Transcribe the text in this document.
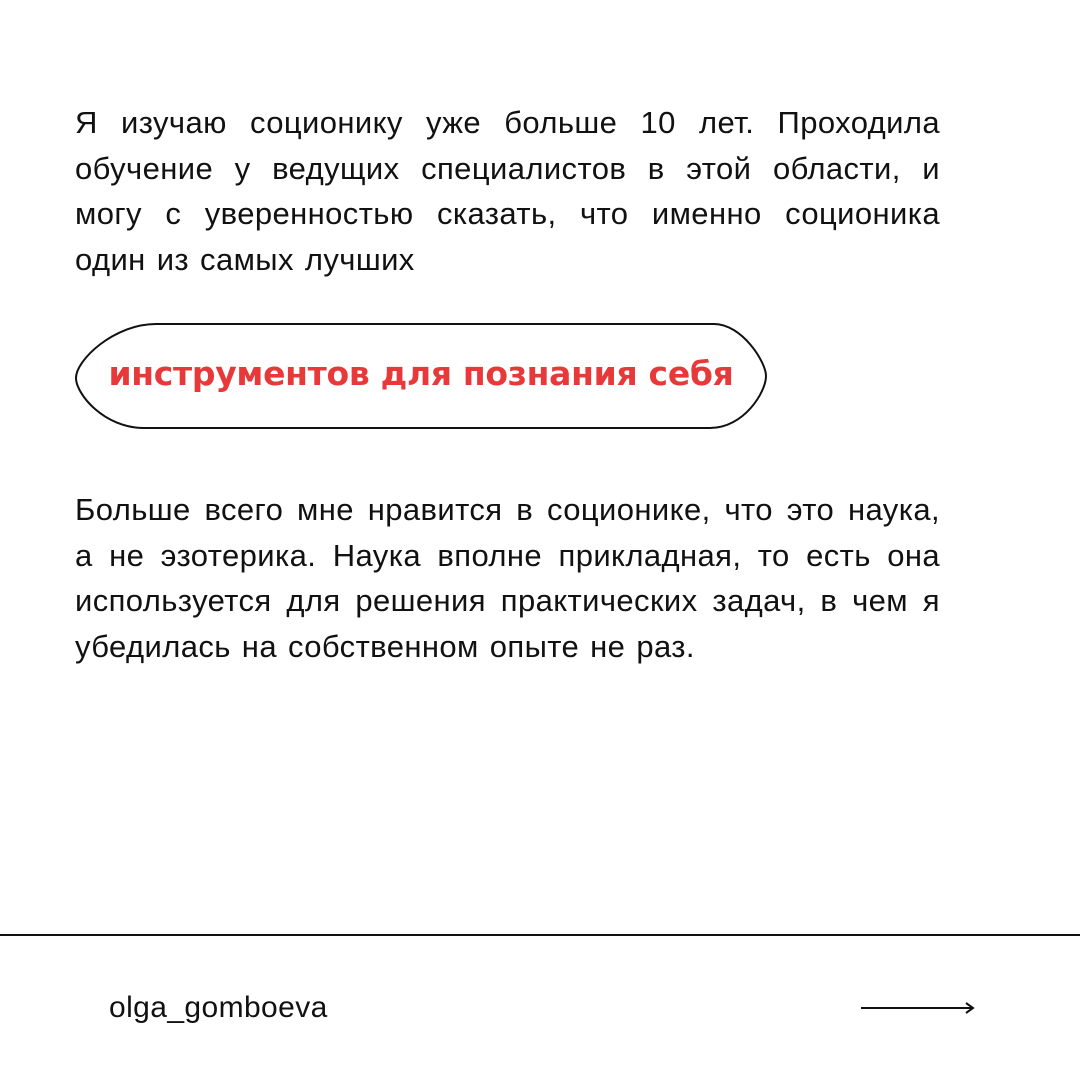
Я изучаю соционику уже больше 10 лет. Проходила обучение у ведущих специалистов в этой области, и могу с уверенностью сказать, что именно соционика один из самых лучших

инструментов для познания себя

Больше всего мне нравится в соционике, что это наука, а не эзотерика. Наука вполне прикладная, то есть она используется для решения практических задач, в чем я убедилась на собственном опыте не раз.

olga_gomboeva
